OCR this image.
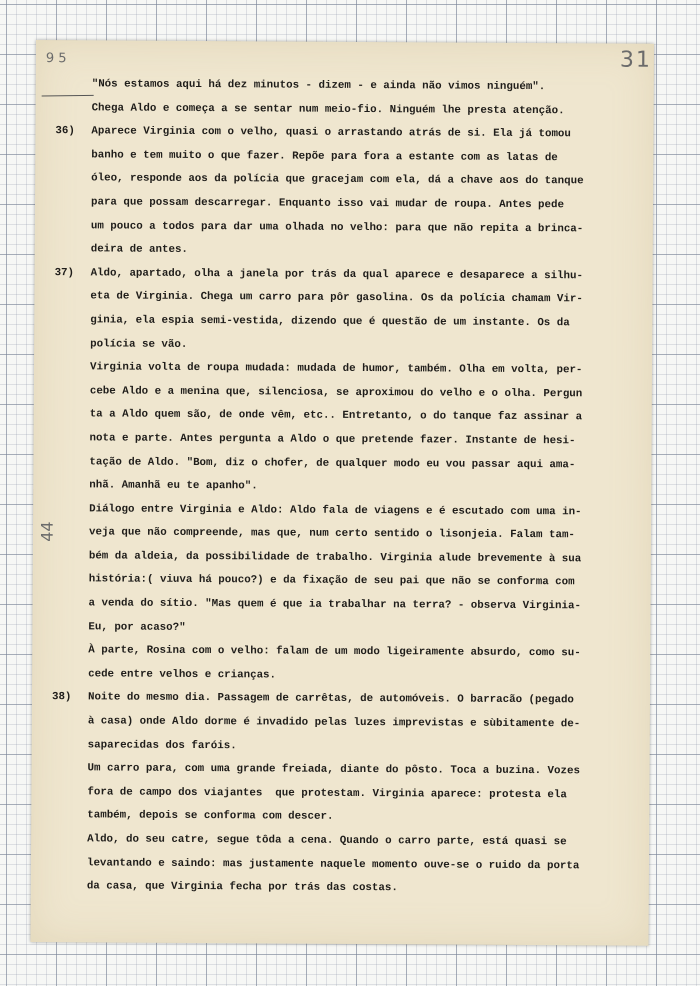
31
9 5
44
"Nós estamos aqui há dez minutos - dizem - e ainda não vimos ninguém".
Chega Aldo e começa a se sentar num meio-fio. Ninguém lhe presta atenção.
36)	Aparece Virginia com o velho, quasi o arrastando atrás de si. Ela já tomou
banho e tem muito o que fazer. Repõe para fora a estante com as latas de
óleo, responde aos da polícia que gracejam com ela, dá a chave aos do tanque
para que possam descarregar. Enquanto isso vai mudar de roupa. Antes pede
um pouco a todos para dar uma olhada no velho: para que não repita a brinca-
deira de antes.
37)	Aldo, apartado, olha a janela por trás da qual aparece e desaparece a silhu-
eta de Virginia. Chega um carro para pôr gasolina. Os da polícia chamam Vir-
ginia, ela espia semi-vestida, dizendo que é questão de um instante. Os da
polícia se vão.
Virginia volta de roupa mudada: mudada de humor, também. Olha em volta, per-
cebe Aldo e a menina que, silenciosa, se aproximou do velho e o olha. Pergun
ta a Aldo quem são, de onde vêm, etc.. Entretanto, o do tanque faz assinar a
nota e parte. Antes pergunta a Aldo o que pretende fazer. Instante de hesi-
tação de Aldo. "Bom, diz o chofer, de qualquer modo eu vou passar aqui ama-
nhã. Amanhã eu te apanho".
Diálogo entre Virginia e Aldo: Aldo fala de viagens e é escutado com uma in-
veja que não compreende, mas que, num certo sentido o lisonjeia. Falam tam-
bém da aldeia, da possibilidade de trabalho. Virginia alude brevemente à sua
história:( viuva há pouco?) e da fixação de seu pai que não se conforma com
a venda do sítio. "Mas quem é que ia trabalhar na terra? - observa Virginia-
Eu, por acaso?"
À parte, Rosina com o velho: falam de um modo ligeiramente absurdo, como su-
cede entre velhos e crianças.
38)	Noite do mesmo dia. Passagem de carrêtas, de automóveis. O barracão (pegado
à casa) onde Aldo dorme é invadido pelas luzes imprevistas e sùbitamente de-
saparecidas dos faróis.
Um carro para, com uma grande freiada, diante do pôsto. Toca a buzina. Vozes
fora de campo dos viajantes  que protestam. Virginia aparece: protesta ela
também, depois se conforma com descer.
Aldo, do seu catre, segue tôda a cena. Quando o carro parte, está quasi se
levantando e saindo: mas justamente naquele momento ouve-se o ruido da porta
da casa, que Virginia fecha por trás das costas.
